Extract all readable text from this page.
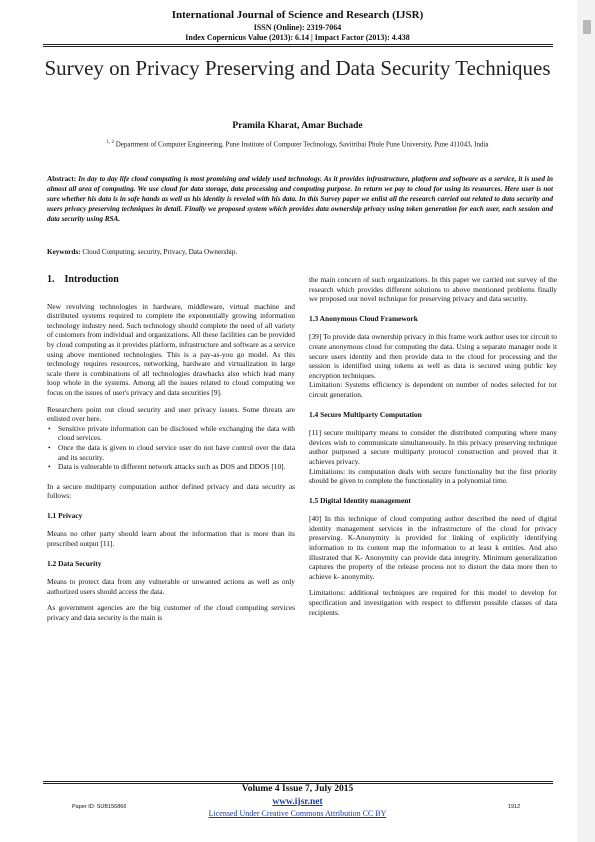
International Journal of Science and Research (IJSR)
ISSN (Online): 2319-7064
Index Copernicus Value (2013): 6.14 | Impact Factor (2013): 4.438
Survey on Privacy Preserving and Data Security Techniques
Pramila Kharat, Amar Buchade
$^{1, 2}$ Department of Computer Engineering, Pune Institute of Computer Technology, Savitribai Phule Pune University, Pune 411043, India
Abstract: In day to day life cloud computing is most promising and widely used technology. As it provides infrastructure, platform and software as a service, it is used in almost all area of computing. We use cloud for data storage, data processing and computing purpose. In return we pay to cloud for using its resources. Here user is not sure whether his data is in safe hands as well as his identity is reveled with his data. In this Survey paper we enlist all the research carried out related to data security and users privacy preserving techniques in detail. Finally we proposed system which provides data ownership privacy using token generation for each user, each session and data security using RSA.
Keywords: Cloud Computing, security, Privacy, Data Ownership.
1. Introduction

New revolving technologies in hardware, middleware, virtual machine and distributed systems required to complete the exponentially growing information technology industry need. Such technology should complete the need of all variety of customers from individual and organizations. All these facilities can be provided by cloud computing as it provides platform, infrastructure and software as a service using above mentioned technologies. This is a pay-as-you go model. As this technology requires resources, networking, hardware and virtualization in large scale there is combinations of all technologies drawbacks also which lead many loop whole in the systems. Among all the issues related to cloud computing we focus on the issues of user's privacy and data securities [9].

Researchers point out cloud security and user privacy issues. Some threats are enlisted over here.

• Sensitive private information can be disclosed while exchanging the data with cloud services.
• Once the data is given to cloud service user do not have control over the data and its security.
• Data is vulnerable to different network attacks such as DOS and DDOS [10].

In a secure multiparty computation author defined privacy and data security as follows:

1.1 Privacy

Means no other party should learn about the information that is more than its prescribed output [11].

1.2 Data Security

Means to protect data from any vulnerable or unwanted actions as well as only authorized users should access the data.

As government agencies are the big customer of the cloud computing services privacy and data security is the main is

the main concern of such organizations. In this paper we carried out survey of the research which provides different solutions to above mentioned problems finally we proposed our novel technique for preserving privacy and data security.

1.3 Anonymous Cloud Framework

[39] To provide data ownership privacy in this frame work author uses tor circuit to create anonymous cloud for computing the data. Using a separate manager node it secure users identity and then provide data to the cloud for processing and the session is identified using tokens as well as data is secured using public key encryption techniques.

Limitation: Systems efficiency is dependent on number of nodes selected for tor circuit generation.

1.4 Secure Multiparty Computation

[11] secure multiparty means to consider the distributed computing where many devices wish to communicate simultaneously. In this privacy preserving technique author purposed a secure multiparty protocol construction and proved that it achieves privacy.

Limitations: its computation deals with secure functionality but the first priority should be given to complete the functionality in a polynomial time.

1.5 Digital Identity management

[40] In this technique of cloud computing author described the need of digital identity management services in the infrastructure of the cloud for privacy preserving. K-Anonymity is provided for linking of explicitly identifying information to its content map the information to at least k entities. And also illustrated that K- Anonymity can provide data integrity. Minimum generalization captures the property of the release process not to distort the data more then to achieve k- anonymity.

Limitations: additional techniques are required for this model to develop for specification and investigation with respect to different possible classes of data recipients.

Volume 4 Issue 7, July 2015
www.ijsr.net
Licensed Under Creative Commons Attribution CC BY
Paper ID: SUB156866	1912
